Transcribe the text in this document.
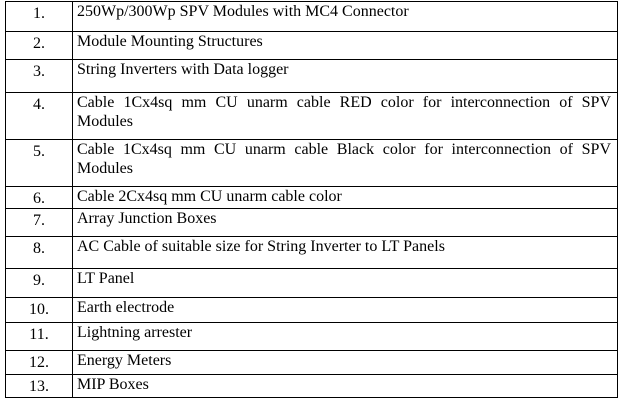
1.	250Wp/300Wp SPV Modules with MC4 Connector

2.	Module Mounting Structures

3.	String Inverters with Data logger

4.	Cable 1Cx4sq mm CU unarm cable RED color for interconnection of SPV Modules

5.	Cable 1Cx4sq mm CU unarm cable Black color for interconnection of SPV Modules

6.	Cable 2Cx4sq mm CU unarm cable color

7.	Array Junction Boxes

8.	AC Cable of suitable size for String Inverter to LT Panels

9.	LT Panel

10.	Earth electrode

11.	Lightning arrester

12.	Energy Meters

13.	MIP Boxes
